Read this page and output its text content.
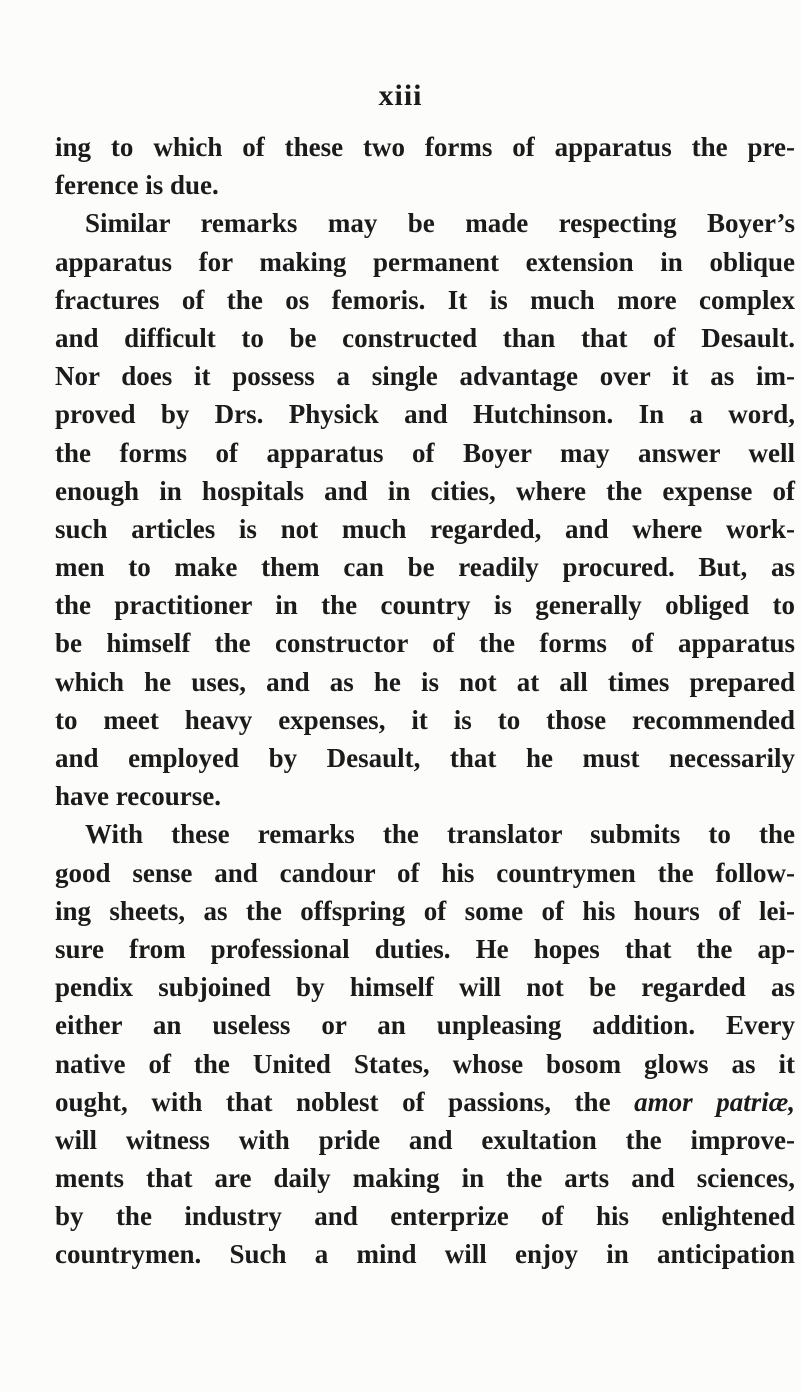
xiii
ing to which of these two forms of apparatus the pre-
ference is due.
Similar remarks may be made respecting Boyer’s
apparatus for making permanent extension in oblique
fractures of the os femoris. It is much more complex
and difficult to be constructed than that of Desault.
Nor does it possess a single advantage over it as im-
proved by Drs. Physick and Hutchinson. In a word,
the forms of apparatus of Boyer may answer well
enough in hospitals and in cities, where the expense of
such articles is not much regarded, and where work-
men to make them can be readily procured. But, as
the practitioner in the country is generally obliged to
be himself the constructor of the forms of apparatus
which he uses, and as he is not at all times prepared
to meet heavy expenses, it is to those recommended
and employed by Desault, that he must necessarily
have recourse.
With these remarks the translator submits to the
good sense and candour of his countrymen the follow-
ing sheets, as the offspring of some of his hours of lei-
sure from professional duties. He hopes that the ap-
pendix subjoined by himself will not be regarded as
either an useless or an unpleasing addition. Every
native of the United States, whose bosom glows as it
ought, with that noblest of passions, the amor patriæ,
will witness with pride and exultation the improve-
ments that are daily making in the arts and sciences,
by the industry and enterprize of his enlightened
countrymen. Such a mind will enjoy in anticipation
